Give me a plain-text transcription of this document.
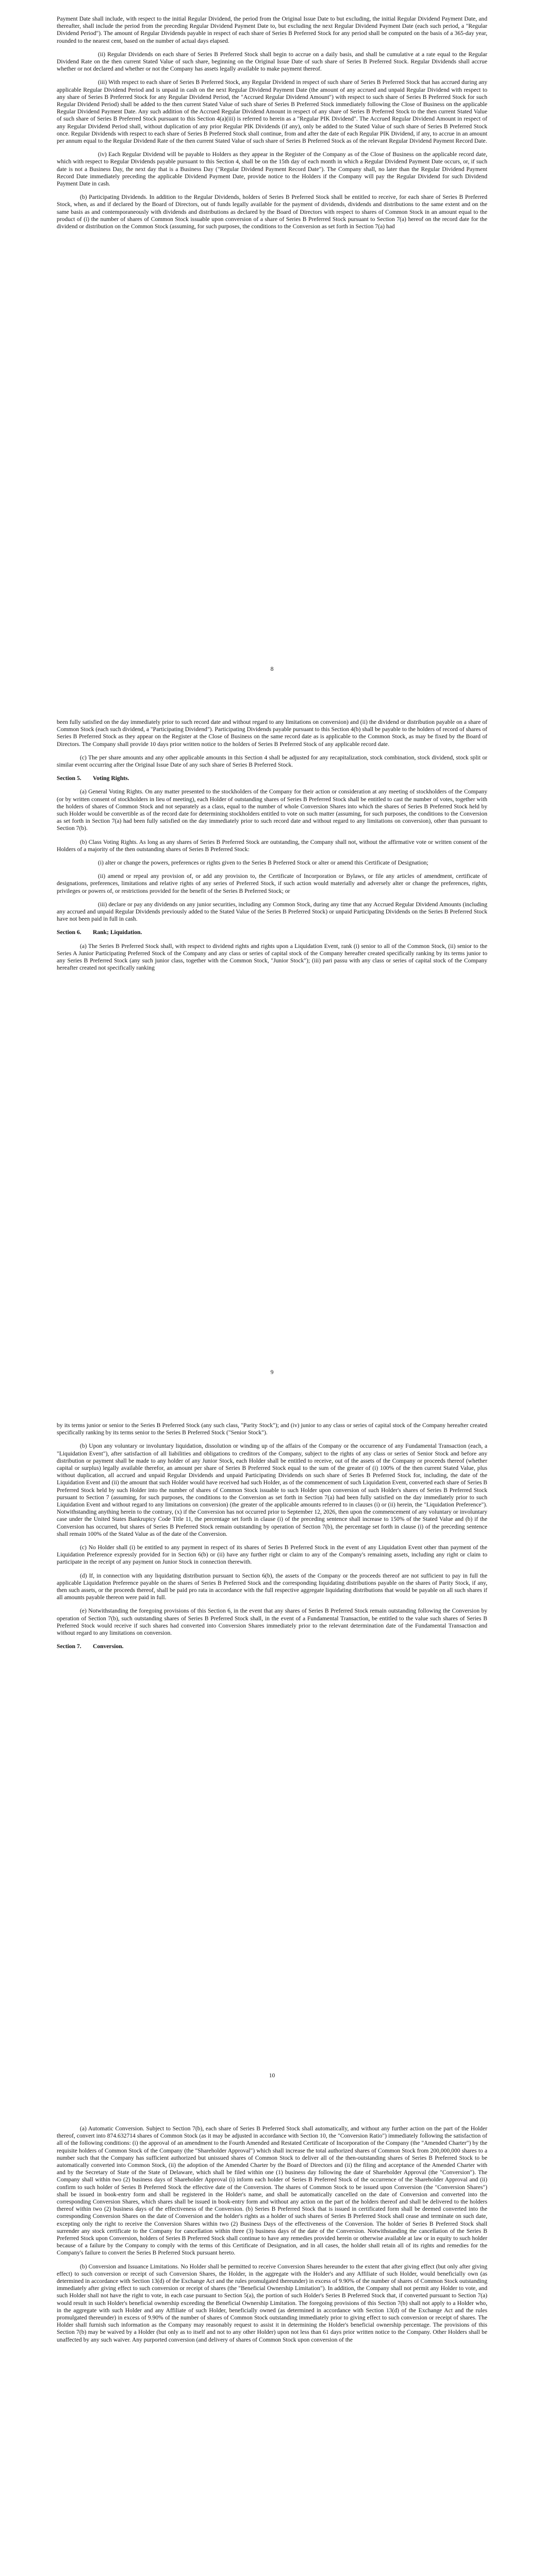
Payment Date shall include, with respect to the initial Regular Dividend, the period from the Original Issue Date to but excluding, the initial Regular Dividend Payment Date, and thereafter, shall include the period from the preceding Regular Dividend Payment Date to, but excluding the next Regular Dividend Payment Date (each such period, a "Regular Dividend Period"). The amount of Regular Dividends payable in respect of each share of Series B Preferred Stock for any period shall be computed on the basis of a 365-day year, rounded to the nearest cent, based on the number of actual days elapsed.

(ii) Regular Dividends on each share of Series B Preferred Stock shall begin to accrue on a daily basis, and shall be cumulative at a rate equal to the Regular Dividend Rate on the then current Stated Value of such share, beginning on the Original Issue Date of such share of Series B Preferred Stock. Regular Dividends shall accrue whether or not declared and whether or not the Company has assets legally available to make payment thereof.

(iii) With respect to each share of Series B Preferred Stock, any Regular Dividend in respect of such share of Series B Preferred Stock that has accrued during any applicable Regular Dividend Period and is unpaid in cash on the next Regular Dividend Payment Date (the amount of any accrued and unpaid Regular Dividend with respect to any share of Series B Preferred Stock for any Regular Dividend Period, the "Accrued Regular Dividend Amount") with respect to such share of Series B Preferred Stock for such Regular Dividend Period) shall be added to the then current Stated Value of such share of Series B Preferred Stock immediately following the Close of Business on the applicable Regular Dividend Payment Date. Any such addition of the Accrued Regular Dividend Amount in respect of any share of Series B Preferred Stock to the then current Stated Value of such share of Series B Preferred Stock pursuant to this Section 4(a)(iii) is referred to herein as a "Regular PIK Dividend". The Accrued Regular Dividend Amount in respect of any Regular Dividend Period shall, without duplication of any prior Regular PIK Dividends (if any), only be added to the Stated Value of such share of Series B Preferred Stock once. Regular Dividends with respect to each share of Series B Preferred Stock shall continue, from and after the date of each Regular PIK Dividend, if any, to accrue in an amount per annum equal to the Regular Dividend Rate of the then current Stated Value of such share of Series B Preferred Stock as of the relevant Regular Dividend Payment Record Date.

(iv) Each Regular Dividend will be payable to Holders as they appear in the Register of the Company as of the Close of Business on the applicable record date, which with respect to Regular Dividends payable pursuant to this Section 4, shall be on the 15th day of each month in which a Regular Dividend Payment Date occurs, or, if such date is not a Business Day, the next day that is a Business Day ("Regular Dividend Payment Record Date"). The Company shall, no later than the Regular Dividend Payment Record Date immediately preceding the applicable Dividend Payment Date, provide notice to the Holders if the Company will pay the Regular Dividend for such Dividend Payment Date in cash.

(b) Participating Dividends. In addition to the Regular Dividends, holders of Series B Preferred Stock shall be entitled to receive, for each share of Series B Preferred Stock, when, as and if declared by the Board of Directors, out of funds legally available for the payment of dividends, dividends and distributions to the same extent and on the same basis as and contemporaneously with dividends and distributions as declared by the Board of Directors with respect to shares of Common Stock in an amount equal to the product of (i) the number of shares of Common Stock issuable upon conversion of a share of Series B Preferred Stock pursuant to Section 7(a) hereof on the record date for the dividend or distribution on the Common Stock (assuming, for such purposes, the conditions to the Conversion as set forth in Section 7(a) had

8

been fully satisfied on the day immediately prior to such record date and without regard to any limitations on conversion) and (ii) the dividend or distribution payable on a share of Common Stock (each such dividend, a "Participating Dividend"). Participating Dividends payable pursuant to this Section 4(b) shall be payable to the holders of record of shares of Series B Preferred Stock as they appear on the Register at the Close of Business on the same record date as is applicable to the Common Stock, as may be fixed by the Board of Directors. The Company shall provide 10 days prior written notice to the holders of Series B Preferred Stock of any applicable record date.

(c) The per share amounts and any other applicable amounts in this Section 4 shall be adjusted for any recapitalization, stock combination, stock dividend, stock split or similar event occurring after the Original Issue Date of any such share of Series B Preferred Stock.

Section 5. Voting Rights.

(a) General Voting Rights. On any matter presented to the stockholders of the Company for their action or consideration at any meeting of stockholders of the Company (or by written consent of stockholders in lieu of meeting), each Holder of outstanding shares of Series B Preferred Stock shall be entitled to cast the number of votes, together with the holders of shares of Common Stock and not separately as a class, equal to the number of whole Conversion Shares into which the shares of Series B Preferred Stock held by such Holder would be convertible as of the record date for determining stockholders entitled to vote on such matter (assuming, for such purposes, the conditions to the Conversion as set forth in Section 7(a) had been fully satisfied on the day immediately prior to such record date and without regard to any limitations on conversion), other than pursuant to Section 7(b).

(b) Class Voting Rights. As long as any shares of Series B Preferred Stock are outstanding, the Company shall not, without the affirmative vote or written consent of the Holders of a majority of the then outstanding shares of Series B Preferred Stock:

(i) alter or change the powers, preferences or rights given to the Series B Preferred Stock or alter or amend this Certificate of Designation;

(ii) amend or repeal any provision of, or add any provision to, the Certificate of Incorporation or Bylaws, or file any articles of amendment, certificate of designations, preferences, limitations and relative rights of any series of Preferred Stock, if such action would materially and adversely alter or change the preferences, rights, privileges or powers of, or restrictions provided for the benefit of the Series B Preferred Stock; or

(iii) declare or pay any dividends on any junior securities, including any Common Stock, during any time that any Accrued Regular Dividend Amounts (including any accrued and unpaid Regular Dividends previously added to the Stated Value of the Series B Preferred Stock) or unpaid Participating Dividends on the Series B Preferred Stock have not been paid in full in cash.

Section 6. Rank; Liquidation.

(a) The Series B Preferred Stock shall, with respect to dividend rights and rights upon a Liquidation Event, rank (i) senior to all of the Common Stock, (ii) senior to the Series A Junior Participating Preferred Stock of the Company and any class or series of capital stock of the Company hereafter created specifically ranking by its terms junior to any Series B Preferred Stock (any such junior class, together with the Common Stock, "Junior Stock"); (iii) pari passu with any class or series of capital stock of the Company hereafter created not specifically ranking

9

by its terms junior or senior to the Series B Preferred Stock (any such class, "Parity Stock"); and (iv) junior to any class or series of capital stock of the Company hereafter created specifically ranking by its terms senior to the Series B Preferred Stock ("Senior Stock").

(b) Upon any voluntary or involuntary liquidation, dissolution or winding up of the affairs of the Company or the occurrence of any Fundamental Transaction (each, a "Liquidation Event"), after satisfaction of all liabilities and obligations to creditors of the Company, subject to the rights of any class or series of Senior Stock and before any distribution or payment shall be made to any holder of any Junior Stock, each Holder shall be entitled to receive, out of the assets of the Company or proceeds thereof (whether capital or surplus) legally available therefor, an amount per share of Series B Preferred Stock equal to the sum of the greater of (i) 100% of the then current Stated Value, plus without duplication, all accrued and unpaid Regular Dividends and unpaid Participating Dividends on such share of Series B Preferred Stock for, including, the date of the Liquidation Event and (ii) the amount that such Holder would have received had such Holder, as of the commencement of such Liquidation Event, converted each share of Series B Preferred Stock held by such Holder into the number of shares of Common Stock issuable to such Holder upon conversion of such Holder's shares of Series B Preferred Stock pursuant to Section 7 (assuming, for such purposes, the conditions to the Conversion as set forth in Section 7(a) had been fully satisfied on the day immediately prior to such Liquidation Event and without regard to any limitations on conversion) (the greater of the applicable amounts referred to in clauses (i) or (ii) herein, the "Liquidation Preference"). Notwithstanding anything herein to the contrary, (x) if the Conversion has not occurred prior to September 12, 2026, then upon the commencement of any voluntary or involuntary case under the United States Bankruptcy Code Title 11, the percentage set forth in clause (i) of the preceding sentence shall increase to 150% of the Stated Value and (b) if the Conversion has occurred, but shares of Series B Preferred Stock remain outstanding by operation of Section 7(b), the percentage set forth in clause (i) of the preceding sentence shall remain 100% of the Stated Value as of the date of the Conversion.

(c) No Holder shall (i) be entitled to any payment in respect of its shares of Series B Preferred Stock in the event of any Liquidation Event other than payment of the Liquidation Preference expressly provided for in Section 6(b) or (ii) have any further right or claim to any of the Company's remaining assets, including any right or claim to participate in the receipt of any payment on Junior Stock in connection therewith.

(d) If, in connection with any liquidating distribution pursuant to Section 6(b), the assets of the Company or the proceeds thereof are not sufficient to pay in full the applicable Liquidation Preference payable on the shares of Series B Preferred Stock and the corresponding liquidating distributions payable on the shares of Parity Stock, if any, then such assets, or the proceeds thereof, shall be paid pro rata in accordance with the full respective aggregate liquidating distributions that would be payable on all such shares if all amounts payable thereon were paid in full.

(e) Notwithstanding the foregoing provisions of this Section 6, in the event that any shares of Series B Preferred Stock remain outstanding following the Conversion by operation of Section 7(b), such outstanding shares of Series B Preferred Stock shall, in the event of a Fundamental Transaction, be entitled to the value such shares of Series B Preferred Stock would receive if such shares had converted into Conversion Shares immediately prior to the relevant determination date of the Fundamental Transaction and without regard to any limitations on conversion.

Section 7. Conversion.
10

(a) Automatic Conversion. Subject to Section 7(b), each share of Series B Preferred Stock shall automatically, and without any further action on the part of the Holder thereof, convert into 874.632714 shares of Common Stock (as it may be adjusted in accordance with Section 10, the "Conversion Ratio") immediately following the satisfaction of all of the following conditions: (i) the approval of an amendment to the Fourth Amended and Restated Certificate of Incorporation of the Company (the "Amended Charter") by the requisite holders of Common Stock of the Company (the "Shareholder Approval") which shall increase the total authorized shares of Common Stock from 200,000,000 shares to a number such that the Company has sufficient authorized but unissued shares of Common Stock to deliver all of the then-outstanding shares of Series B Preferred Stock to be automatically converted into Common Stock, (ii) the adoption of the Amended Charter by the Board of Directors and (ii) the filing and acceptance of the Amended Charter with and by the Secretary of State of the State of Delaware, which shall be filed within one (1) business day following the date of Shareholder Approval (the "Conversion"). The Company shall within two (2) business days of Shareholder Approval (i) inform each holder of Series B Preferred Stock of the occurrence of the Shareholder Approval and (ii) confirm to such holder of Series B Preferred Stock the effective date of the Conversion. The shares of Common Stock to be issued upon Conversion (the "Conversion Shares") shall be issued in book-entry form and shall be registered in the Holder's name, and shall be automatically cancelled on the date of Conversion and converted into the corresponding Conversion Shares, which shares shall be issued in book-entry form and without any action on the part of the holders thereof and shall be delivered to the holders thereof within two (2) business days of the effectiveness of the Conversion. (b) Series B Preferred Stock that is issued in certificated form shall be deemed converted into the corresponding Conversion Shares on the date of Conversion and the holder's rights as a holder of such shares of Series B Preferred Stock shall cease and terminate on such date, excepting only the right to receive the Conversion Shares within two (2) Business Days of the effectiveness of the Conversion. The holder of Series B Preferred Stock shall surrender any stock certificate to the Company for cancellation within three (3) business days of the date of the Conversion. Notwithstanding the cancellation of the Series B Preferred Stock upon Conversion, holders of Series B Preferred Stock shall continue to have any remedies provided herein or otherwise available at law or in equity to such holder because of a failure by the Company to comply with the terms of this Certificate of Designation, and in all cases, the holder shall retain all of its rights and remedies for the Company's failure to convert the Series B Preferred Stock pursuant hereto.

(b) Conversion and Issuance Limitations. No Holder shall be permitted to receive Conversion Shares hereunder to the extent that after giving effect (but only after giving effect) to such conversion or receipt of such Conversion Shares, the Holder, in the aggregate with the Holder's and any Affiliate of such Holder, would beneficially own (as determined in accordance with Section 13(d) of the Exchange Act and the rules promulgated thereunder) in excess of 9.90% of the number of shares of Common Stock outstanding immediately after giving effect to such conversion or receipt of shares (the "Beneficial Ownership Limitation"). In addition, the Company shall not permit any Holder to vote, and such Holder shall not have the right to vote, in each case pursuant to Section 5(a), the portion of such Holder's Series B Preferred Stock that, if converted pursuant to Section 7(a) would result in such Holder's beneficial ownership exceeding the Beneficial Ownership Limitation. The foregoing provisions of this Section 7(b) shall not apply to a Holder who, in the aggregate with such Holder and any Affiliate of such Holder, beneficially owned (as determined in accordance with Section 13(d) of the Exchange Act and the rules promulgated thereunder) in excess of 9.90% of the number of shares of Common Stock outstanding immediately prior to giving effect to such conversion or receipt of shares. The Holder shall furnish such information as the Company may reasonably request to assist it in determining the Holder's beneficial ownership percentage. The provisions of this Section 7(b) may be waived by a Holder (but only as to itself and not to any other Holder) upon not less than 61 days prior written notice to the Company. Other Holders shall be unaffected by any such waiver. Any purported conversion (and delivery of shares of Common Stock upon conversion of the
